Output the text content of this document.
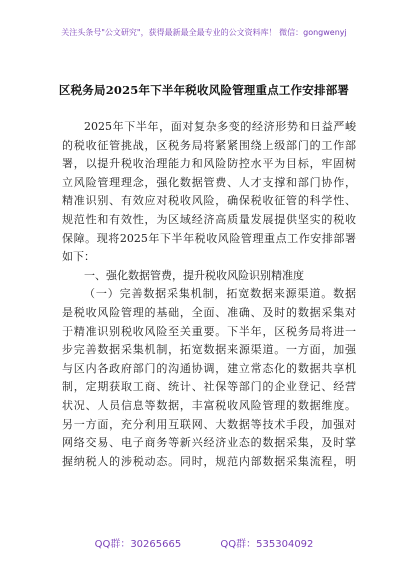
关注头条号"公文研究"，获得最新最全最专业的公文资料库！ 微信：gongwenyj
区税务局2025年下半年税收风险管理重点工作安排部署
2025年下半年，面对复杂多变的经济形势和日益严峻
的税收征管挑战，区税务局将紧紧围绕上级部门的工作部
署，以提升税收治理能力和风险防控水平为目标，牢固树
立风险管理理念，强化数据管费、人才支撑和部门协作，
精准识别、有效应对税收风险，确保税收征管的科学性、
规范性和有效性，为区域经济高质量发展提供坚实的税收
保障。现将2025年下半年税收风险管理重点工作安排部署
如下：
一、强化数据管费，提升税收风险识别精准度
（一）完善数据采集机制，拓宽数据来源渠道。数据
是税收风险管理的基础，全面、准确、及时的数据采集对
于精准识别税收风险至关重要。下半年，区税务局将进一
步完善数据采集机制，拓宽数据来源渠道。一方面，加强
与区内各政府部门的沟通协调，建立常态化的数据共享机
制，定期获取工商、统计、社保等部门的企业登记、经营
状况、人员信息等数据，丰富税收风险管理的数据维度。
另一方面，充分利用互联网、大数据等技术手段，加强对
网络交易、电子商务等新兴经济业态的数据采集，及时掌
握纳税人的涉税动态。同时，规范内部数据采集流程，明
QQ群：30265665	QQ群：535304092
